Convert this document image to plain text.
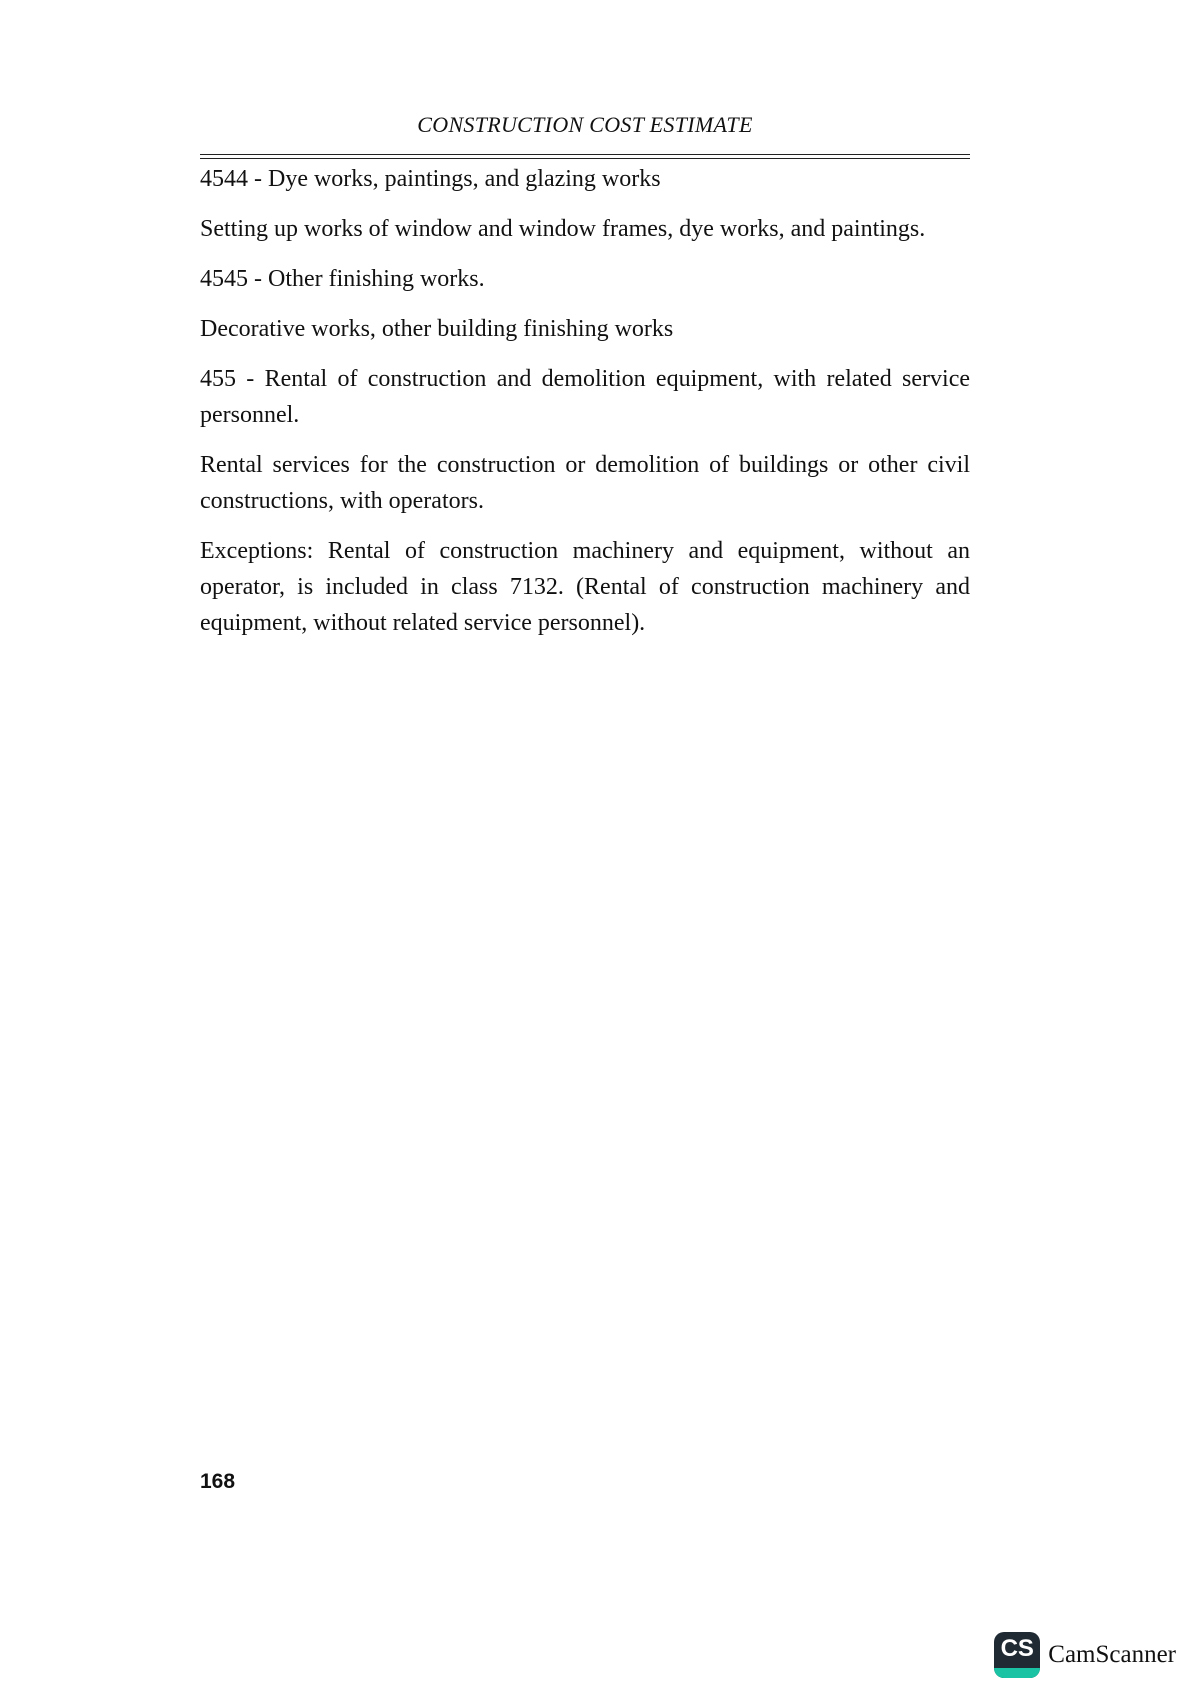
CONSTRUCTION COST ESTIMATE

4544 - Dye works, paintings, and glazing works

Setting up works of window and window frames, dye works, and paintings.

4545 - Other finishing works.

Decorative works, other building finishing works

455 - Rental of construction and demolition equipment, with related service personnel.

Rental services for the construction or demolition of buildings or other civil constructions, with operators.

Exceptions: Rental of construction machinery and equipment, without an operator, is included in class 7132. (Rental of construction machinery and equipment, without related service personnel).

168
CS CamScanner
